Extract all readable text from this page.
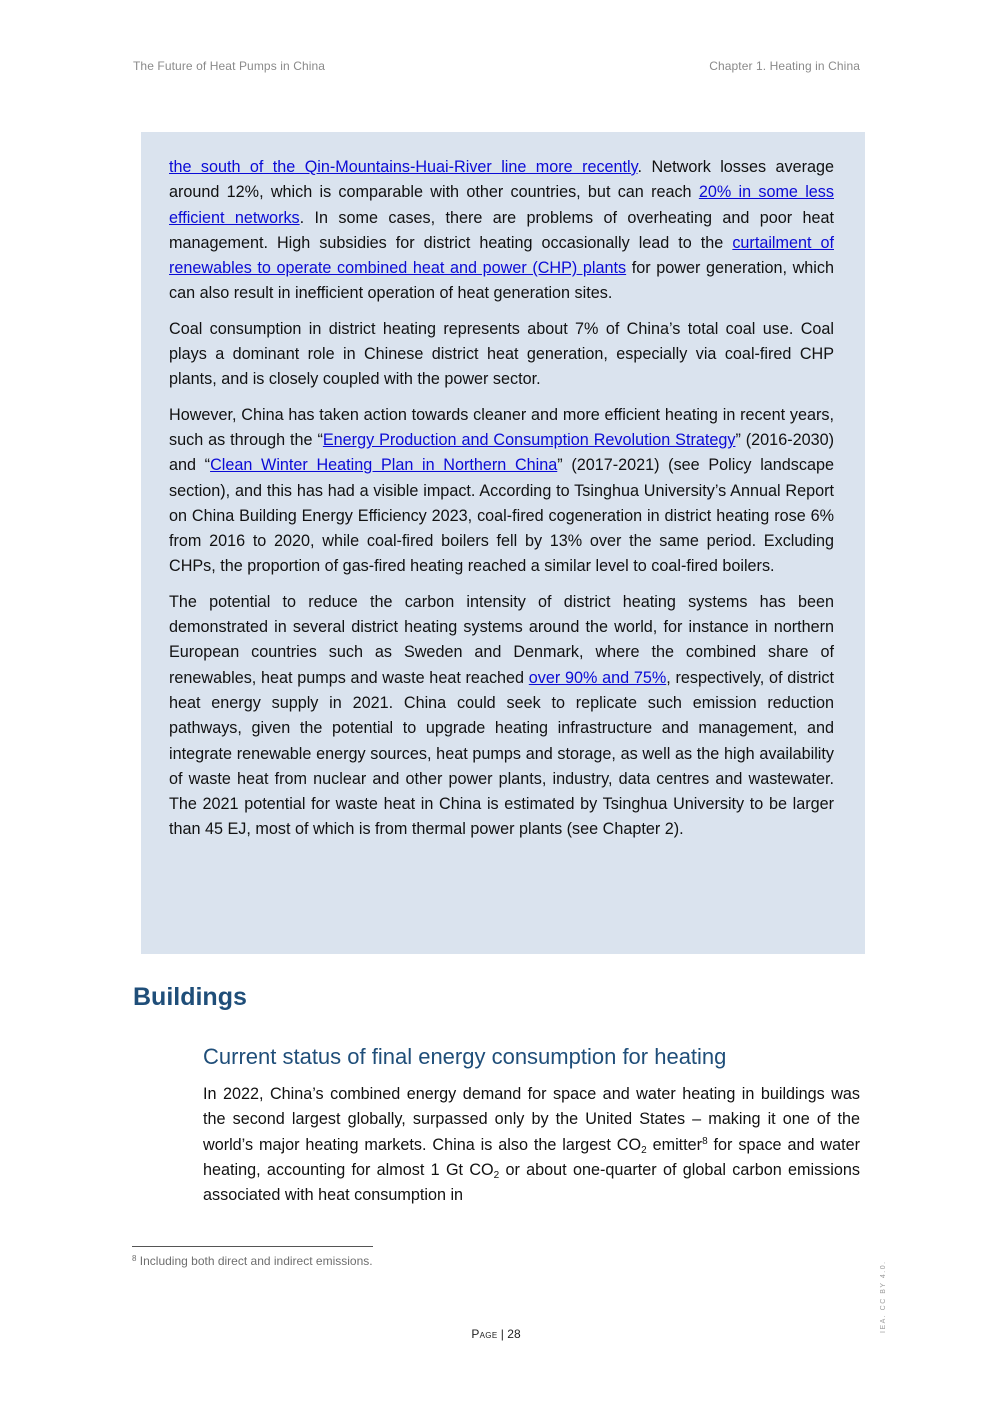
The Future of Heat Pumps in China	Chapter 1. Heating in China

the south of the Qin-Mountains-Huai-River line more recently. Network losses average around 12%, which is comparable with other countries, but can reach 20% in some less efficient networks. In some cases, there are problems of overheating and poor heat management. High subsidies for district heating occasionally lead to the curtailment of renewables to operate combined heat and power (CHP) plants for power generation, which can also result in inefficient operation of heat generation sites.

Coal consumption in district heating represents about 7% of China’s total coal use. Coal plays a dominant role in Chinese district heat generation, especially via coal-fired CHP plants, and is closely coupled with the power sector.

However, China has taken action towards cleaner and more efficient heating in recent years, such as through the “Energy Production and Consumption Revolution Strategy” (2016-2030) and “Clean Winter Heating Plan in Northern China” (2017-2021) (see Policy landscape section), and this has had a visible impact. According to Tsinghua University’s Annual Report on China Building Energy Efficiency 2023, coal-fired cogeneration in district heating rose 6% from 2016 to 2020, while coal-fired boilers fell by 13% over the same period. Excluding CHPs, the proportion of gas-fired heating reached a similar level to coal-fired boilers.

The potential to reduce the carbon intensity of district heating systems has been demonstrated in several district heating systems around the world, for instance in northern European countries such as Sweden and Denmark, where the combined share of renewables, heat pumps and waste heat reached over 90% and 75%, respectively, of district heat energy supply in 2021. China could seek to replicate such emission reduction pathways, given the potential to upgrade heating infrastructure and management, and integrate renewable energy sources, heat pumps and storage, as well as the high availability of waste heat from nuclear and other power plants, industry, data centres and wastewater. The 2021 potential for waste heat in China is estimated by Tsinghua University to be larger than 45 EJ, most of which is from thermal power plants (see Chapter 2).

Buildings
Current status of final energy consumption for heating

In 2022, China’s combined energy demand for space and water heating in buildings was the second largest globally, surpassed only by the United States – making it one of the world’s major heating markets. China is also the largest $CO_2$ emitter$^8$ for space and water heating, accounting for almost 1 Gt $CO_2$ or about one-quarter of global carbon emissions associated with heat consumption in

$^8$ Including both direct and indirect emissions.
Page | 28
IEA. CC BY 4.0.
